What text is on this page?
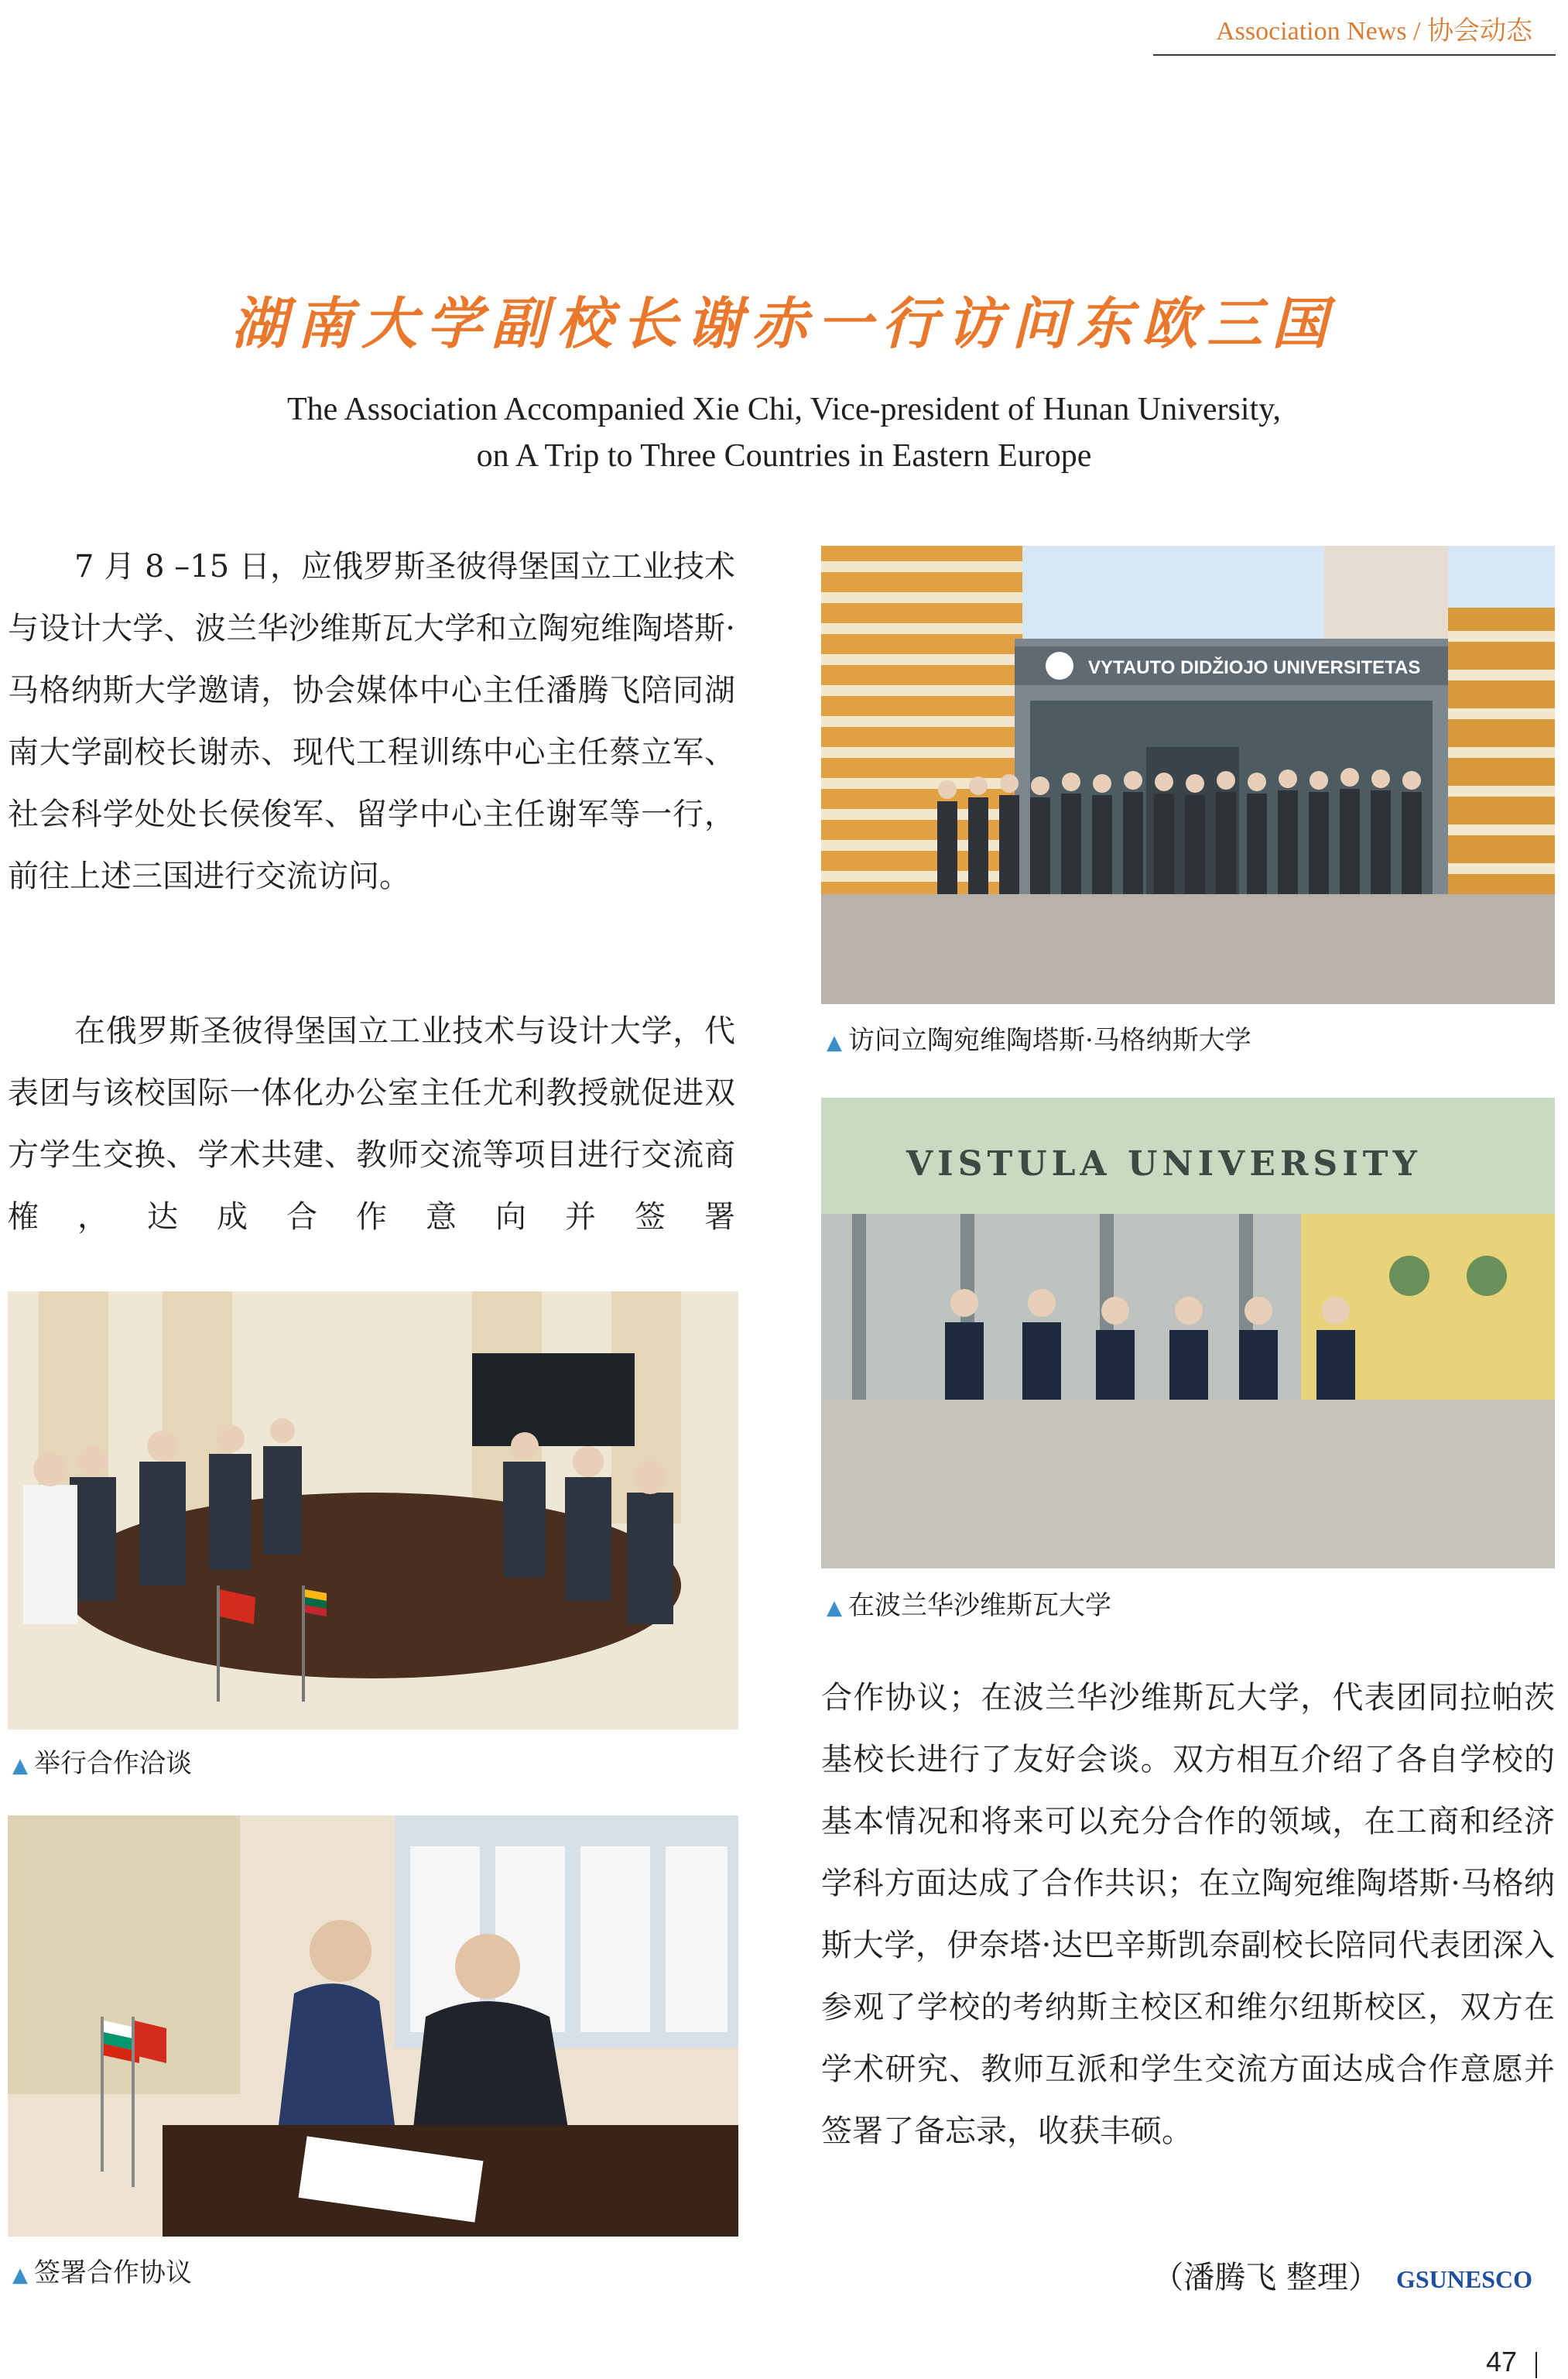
Association News / 协会动态
湖南大学副校长谢赤一行访问东欧三国
The Association Accompanied Xie Chi, Vice-president of Hunan University,
on A Trip to Three Countries in Eastern Europe

7 月 8 –15 日，应俄罗斯圣彼得堡国立工业技术与设计大学、波兰华沙维斯瓦大学和立陶宛维陶塔斯·马格纳斯大学邀请，协会媒体中心主任潘腾飞陪同湖南大学副校长谢赤、现代工程训练中心主任蔡立军、社会科学处处长侯俊军、留学中心主任谢军等一行，前往上述三国进行交流访问。

在俄罗斯圣彼得堡国立工业技术与设计大学，代表团与该校国际一体化办公室主任尤利教授就促进双方学生交换、学术共建、教师交流等项目进行交流商榷，达成合作意向并签署

VYTAUTO DIDŽIOJO UNIVERSITETAS
▲ 访问立陶宛维陶塔斯·马格纳斯大学
VISTULA UNIVERSITY
▲ 在波兰华沙维斯瓦大学
▲ 举行合作洽谈
▲ 签署合作协议

合作协议；在波兰华沙维斯瓦大学，代表团同拉帕茨基校长进行了友好会谈。双方相互介绍了各自学校的基本情况和将来可以充分合作的领域，在工商和经济学科方面达成了合作共识；在立陶宛维陶塔斯·马格纳斯大学，伊奈塔·达巴辛斯凯奈副校长陪同代表团深入参观了学校的考纳斯主校区和维尔纽斯校区，双方在学术研究、教师互派和学生交流方面达成合作意愿并签署了备忘录，收获丰硕。

（潘腾飞 整理） GSUNESCO
47
